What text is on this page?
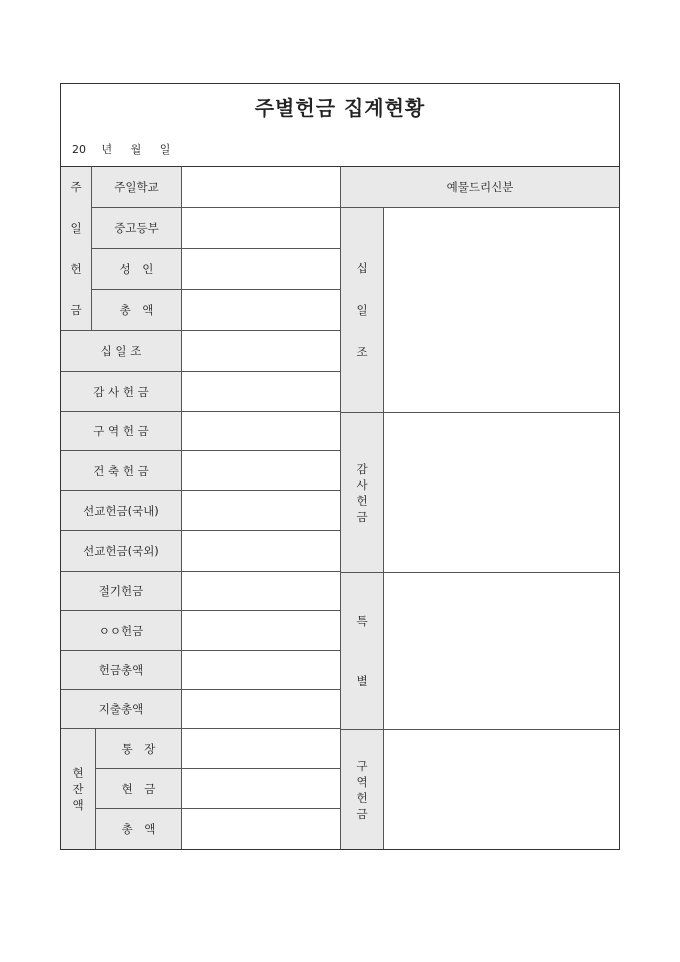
주별헌금 집계현황
20 년 월 일
주
일
헌
금
주일학교
중고등부
성　인
총　액
십 일 조
감 사 헌 금
구 역 헌 금
건 축 헌 금
선교헌금(국내)
선교헌금(국외)
절기헌금
ㅇㅇ헌금
헌금총액
지출총액
현
잔
액
통　장
현　금
총　액
예물드리신분
십
일
조
감
사
헌
금
특
별
구
역
헌
금
